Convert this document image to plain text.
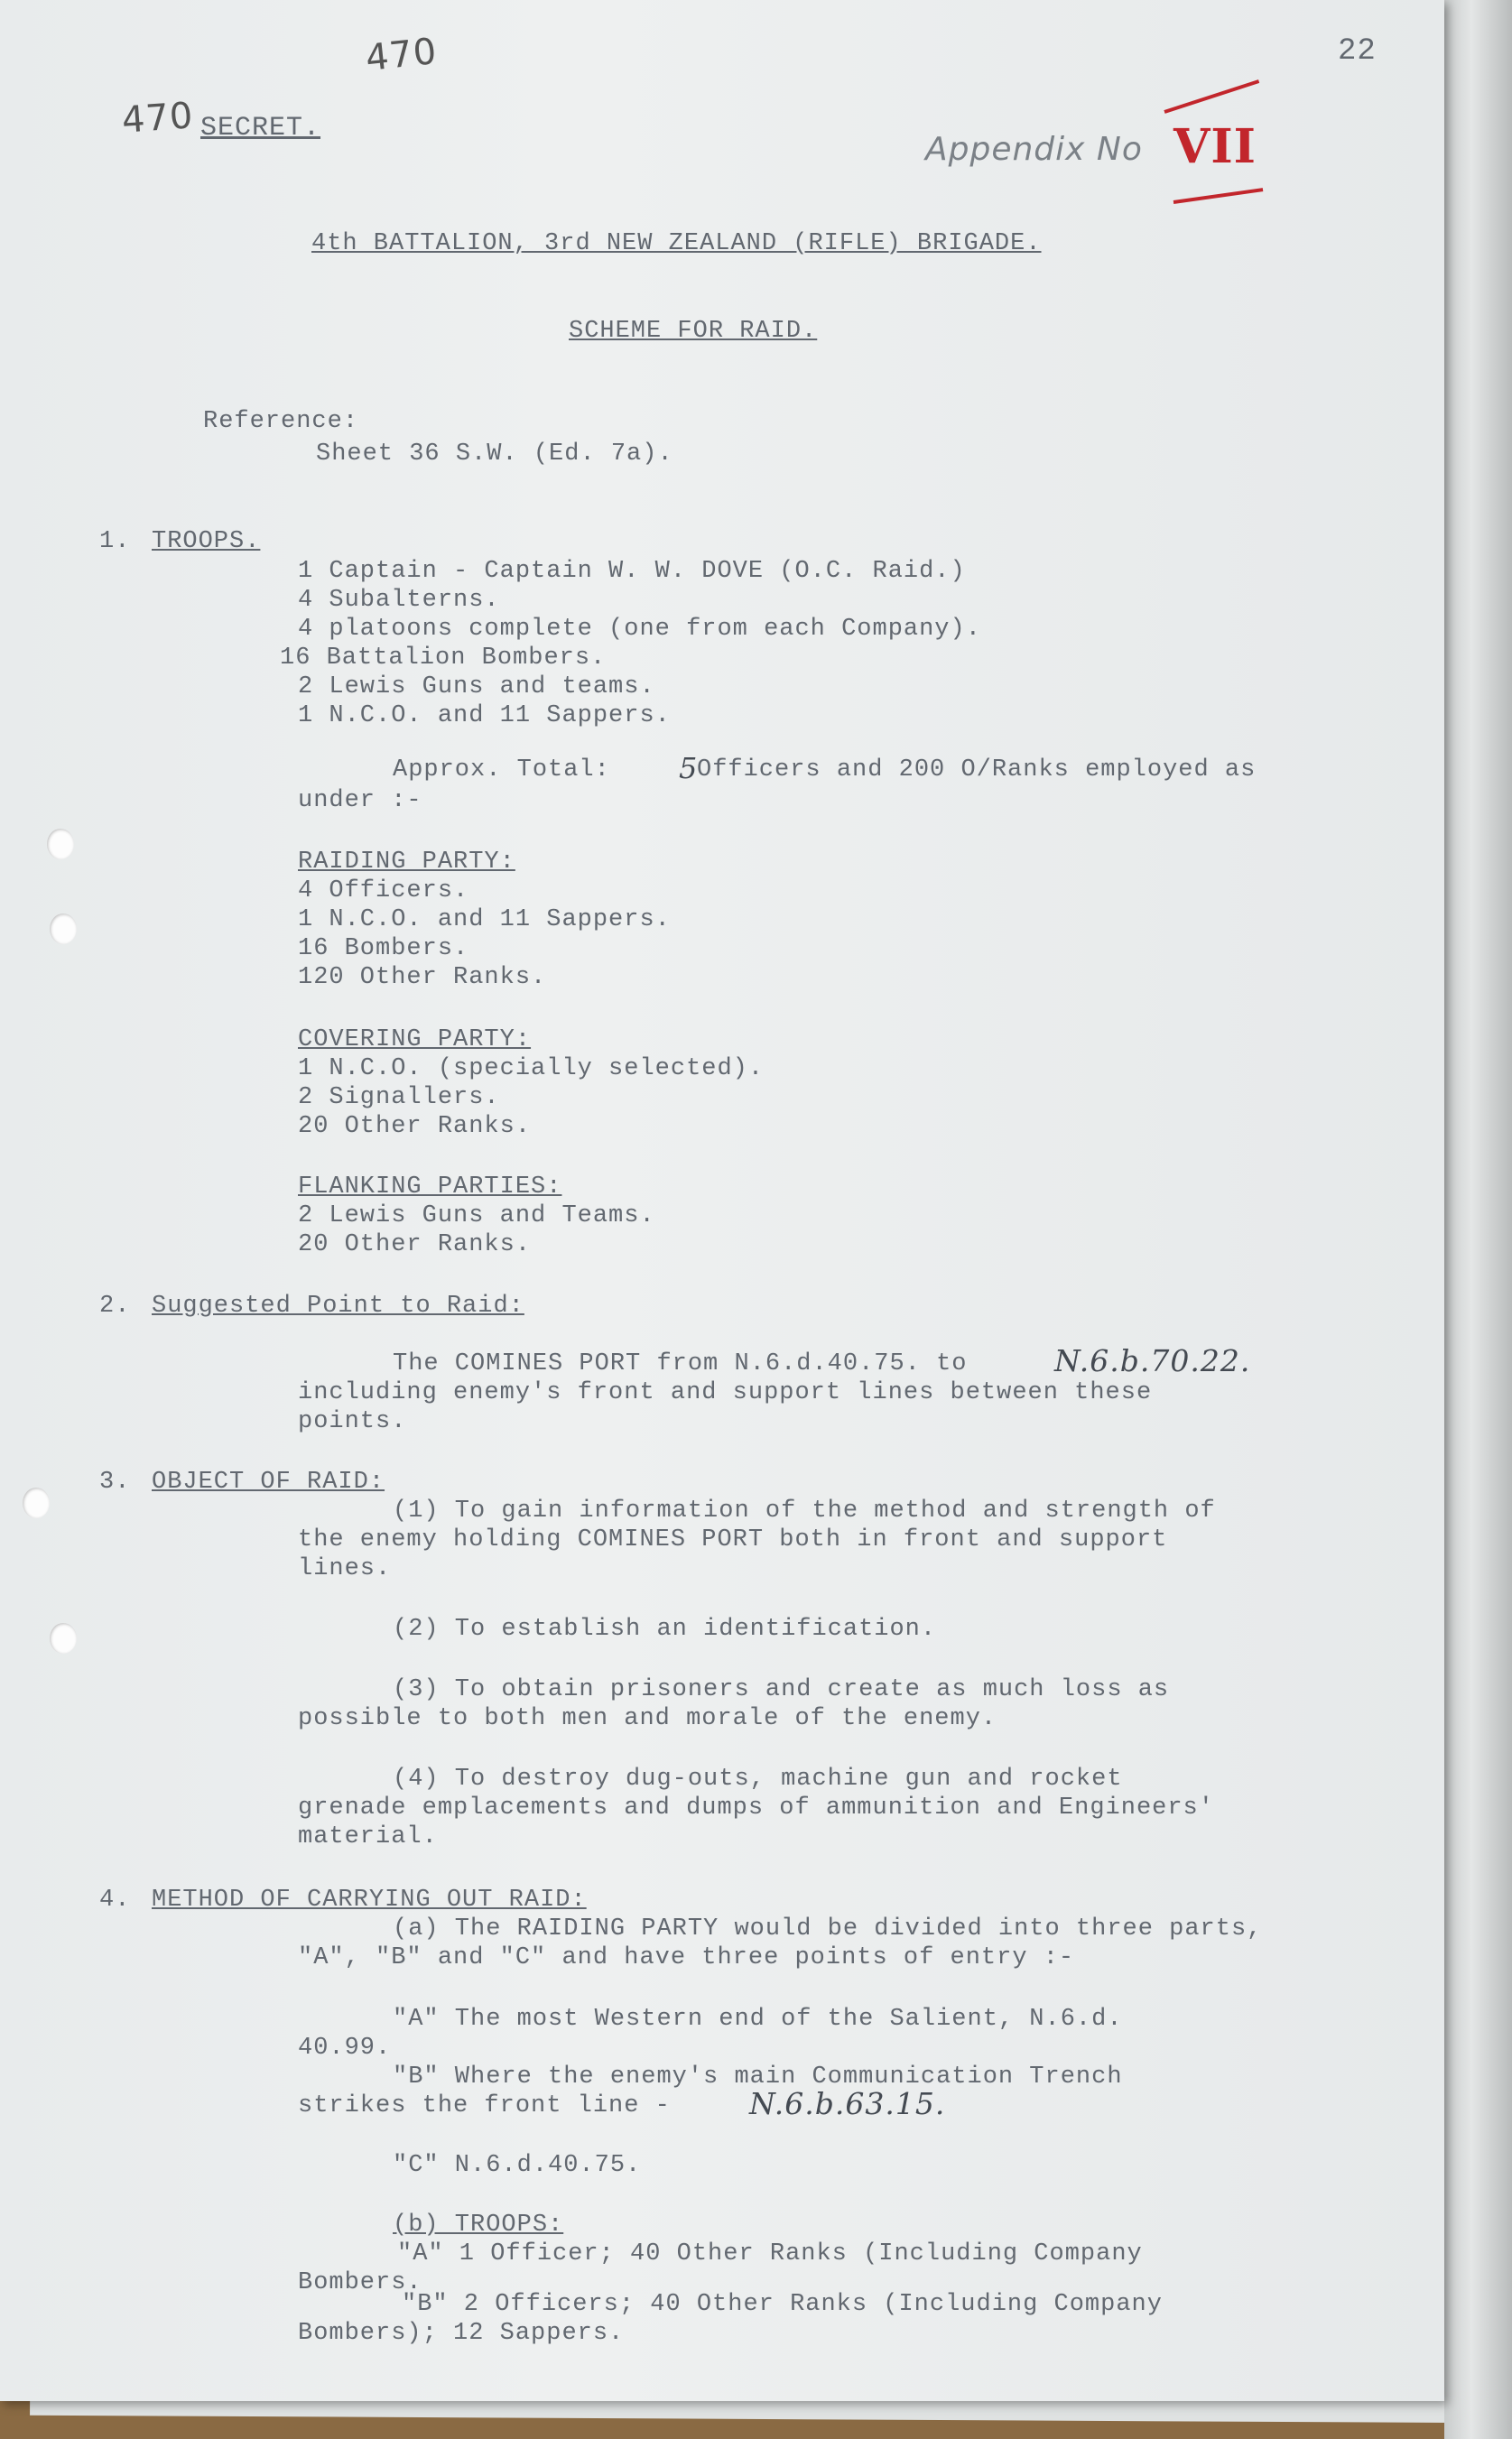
470
470 SECRET.
22
Appendix No VII
4th BATTALION, 3rd NEW ZEALAND (RIFLE) BRIGADE.
SCHEME FOR RAID.
Reference:
Sheet 36 S.W. (Ed. 7a).
1. TROOPS.
1 Captain - Captain W. W. DOVE (O.C. Raid.)
4 Subalterns.
4 platoons complete (one from each Company).
16 Battalion Bombers.
2 Lewis Guns and teams.
1 N.C.O. and 11 Sappers.
Approx. Total: 5
Officers and 200 O/Ranks employed as
under :-
RAIDING PARTY:
4 Officers.
1 N.C.O. and 11 Sappers.
16 Bombers.
120 Other Ranks.
COVERING PARTY:
1 N.C.O. (specially selected).
2 Signallers.
20 Other Ranks.
FLANKING PARTIES:
2 Lewis Guns and Teams.
20 Other Ranks.
2. Suggested Point to Raid:
The COMINES PORT from N.6.d.40.75. to	N.6.b.70.22.
including enemy's front and support lines between these
points.
3. OBJECT OF RAID:
(1) To gain information of the method and strength of
the enemy holding COMINES PORT both in front and support
lines.
(2) To establish an identification.
(3) To obtain prisoners and create as much loss as
possible to both men and morale of the enemy.
(4) To destroy dug-outs, machine gun and rocket
grenade emplacements and dumps of ammunition and Engineers'
material.
4. METHOD OF CARRYING OUT RAID:
(a) The RAIDING PARTY would be divided into three parts,
"A", "B" and "C" and have three points of entry :-
"A" The most Western end of the Salient, N.6.d.
40.99.
"B" Where the enemy's main Communication Trench
strikes the front line -	N.6.b.63.15.
"C" N.6.d.40.75.
(b) TROOPS:
"A" 1 Officer; 40 Other Ranks (Including Company
Bombers.
"B" 2 Officers; 40 Other Ranks (Including Company
Bombers); 12 Sappers.
